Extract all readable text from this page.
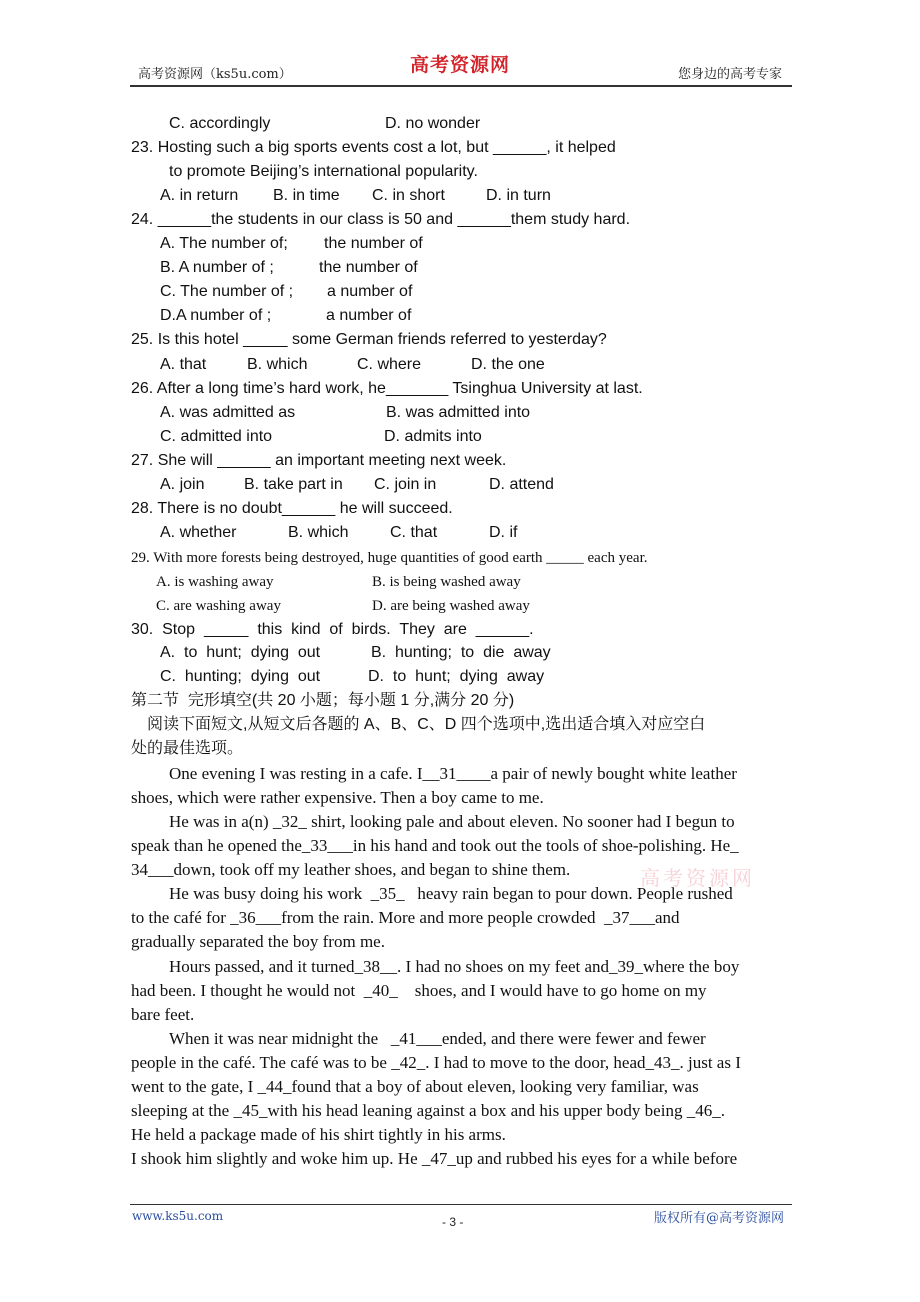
高考资源网（ks5u.com）	高考资源网	您身边的高考专家
C. accordingly	D. no wonder
23. Hosting such a big sports events cost a lot, but ______, it helped
to promote Beijing’s international popularity.
A. in return B. in time C. in short	D. in turn
24. ______the students in our class is 50 and ______them study hard.
A. The number of; the number of
B. A number of ;	the number of
C. The number of ; a number of
D.A number of ;	a number of
25. Is this hotel _____ some German friends referred to yesterday?
A. that	B. which	C. where	D. the one
26. After a long time’s hard work, he_______ Tsinghua University at last.
A. was admitted as	B. was admitted into
C. admitted into	D. admits into
27. She will ______ an important meeting next week.
A. join B. take part in C. join in	D. attend
28. There is no doubt______ he will succeed.
A. whether	B. which	C. that	D. if
29. With more forests being destroyed, huge quantities of good earth _____ each year.
A. is washing away	B. is being washed away
C. are washing away	D. are being washed away
30.  Stop  _____  this  kind  of  birds.  They  are  ______.
A.  to  hunt;  dying  out	B.  hunting;  to  die  away
C.  hunting;  dying  out	D.  to  hunt;  dying  away
第二节  完形填空(共 20 小题；每小题 1 分,满分 20 分)
阅读下面短文,从短文后各题的 A、B、C、D 四个选项中,选出适合填入对应空白
处的最佳选项。
One evening I was resting in a cafe. I__31____a pair of newly bought white leather
shoes, which were rather expensive. Then a boy came to me.
He was in a(n) _32_ shirt, looking pale and about eleven. No sooner had I begun to
speak than he opened the_33___in his hand and took out the tools of shoe-polishing. He_
34___down, took off my leather shoes, and began to shine them.
He was busy doing his work  _35_   heavy rain began to pour down. People rushed
to the café for _36___from the rain. More and more people crowded  _37___and
gradually separated the boy from me.
Hours passed, and it turned_38__. I had no shoes on my feet and_39_where the boy
had been. I thought he would not  _40_    shoes, and I would have to go home on my
bare feet.
When it was near midnight the   _41___ended, and there were fewer and fewer
people in the café. The café was to be _42_. I had to move to the door, head_43_. just as I
went to the gate, I _44_found that a boy of about eleven, looking very familiar, was
sleeping at the _45_with his head leaning against a box and his upper body being _46_.
He held a package made of his shirt tightly in his arms.
I shook him slightly and woke him up. He _47_up and rubbed his eyes for a while before
高考资源网
www.ks5u.com	- 3 -	版权所有@高考资源网
